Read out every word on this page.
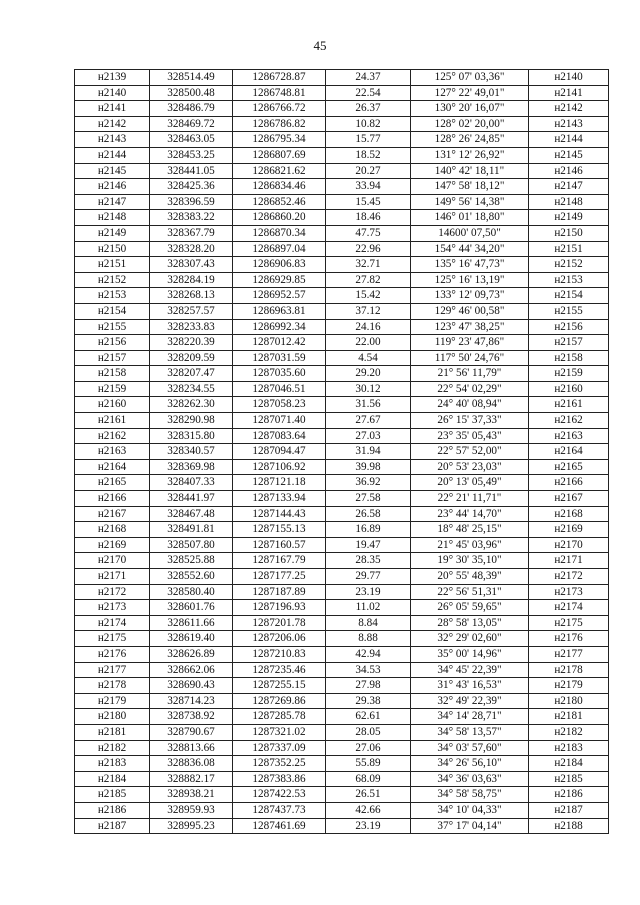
45
н2139	328514.49	1286728.87	24.37	125° 07' 03,36"	н2140
н2140	328500.48	1286748.81	22.54	127° 22' 49,01"	н2141
н2141	328486.79	1286766.72	26.37	130° 20' 16,07"	н2142
н2142	328469.72	1286786.82	10.82	128° 02' 20,00"	н2143
н2143	328463.05	1286795.34	15.77	128° 26' 24,85"	н2144
н2144	328453.25	1286807.69	18.52	131° 12' 26,92"	н2145
н2145	328441.05	1286821.62	20.27	140° 42' 18,11"	н2146
н2146	328425.36	1286834.46	33.94	147° 58' 18,12"	н2147
н2147	328396.59	1286852.46	15.45	149° 56' 14,38"	н2148
н2148	328383.22	1286860.20	18.46	146° 01' 18,80"	н2149
н2149	328367.79	1286870.34	47.75	14600' 07,50"	н2150
н2150	328328.20	1286897.04	22.96	154° 44' 34,20"	н2151
н2151	328307.43	1286906.83	32.71	135° 16' 47,73"	н2152
н2152	328284.19	1286929.85	27.82	125° 16' 13,19"	н2153
н2153	328268.13	1286952.57	15.42	133° 12' 09,73"	н2154
н2154	328257.57	1286963.81	37.12	129° 46' 00,58"	н2155
н2155	328233.83	1286992.34	24.16	123° 47' 38,25"	н2156
н2156	328220.39	1287012.42	22.00	119° 23' 47,86"	н2157
н2157	328209.59	1287031.59	4.54	117° 50' 24,76"	н2158
н2158	328207.47	1287035.60	29.20	21° 56' 11,79"	н2159
н2159	328234.55	1287046.51	30.12	22° 54' 02,29"	н2160
н2160	328262.30	1287058.23	31.56	24° 40' 08,94"	н2161
н2161	328290.98	1287071.40	27.67	26° 15' 37,33"	н2162
н2162	328315.80	1287083.64	27.03	23° 35' 05,43"	н2163
н2163	328340.57	1287094.47	31.94	22° 57' 52,00"	н2164
н2164	328369.98	1287106.92	39.98	20° 53' 23,03"	н2165
н2165	328407.33	1287121.18	36.92	20° 13' 05,49"	н2166
н2166	328441.97	1287133.94	27.58	22° 21' 11,71"	н2167
н2167	328467.48	1287144.43	26.58	23° 44' 14,70"	н2168
н2168	328491.81	1287155.13	16.89	18° 48' 25,15"	н2169
н2169	328507.80	1287160.57	19.47	21° 45' 03,96"	н2170
н2170	328525.88	1287167.79	28.35	19° 30' 35,10"	н2171
н2171	328552.60	1287177.25	29.77	20° 55' 48,39"	н2172
н2172	328580.40	1287187.89	23.19	22° 56' 51,31"	н2173
н2173	328601.76	1287196.93	11.02	26° 05' 59,65"	н2174
н2174	328611.66	1287201.78	8.84	28° 58' 13,05"	н2175
н2175	328619.40	1287206.06	8.88	32° 29' 02,60"	н2176
н2176	328626.89	1287210.83	42.94	35° 00' 14,96"	н2177
н2177	328662.06	1287235.46	34.53	34° 45' 22,39"	н2178
н2178	328690.43	1287255.15	27.98	31° 43' 16,53"	н2179
н2179	328714.23	1287269.86	29.38	32° 49' 22,39"	н2180
н2180	328738.92	1287285.78	62.61	34° 14' 28,71"	н2181
н2181	328790.67	1287321.02	28.05	34° 58' 13,57"	н2182
н2182	328813.66	1287337.09	27.06	34° 03' 57,60"	н2183
н2183	328836.08	1287352.25	55.89	34° 26' 56,10"	н2184
н2184	328882.17	1287383.86	68.09	34° 36' 03,63"	н2185
н2185	328938.21	1287422.53	26.51	34° 58' 58,75"	н2186
н2186	328959.93	1287437.73	42.66	34° 10' 04,33"	н2187
н2187	328995.23	1287461.69	23.19	37° 17' 04,14"	н2188
